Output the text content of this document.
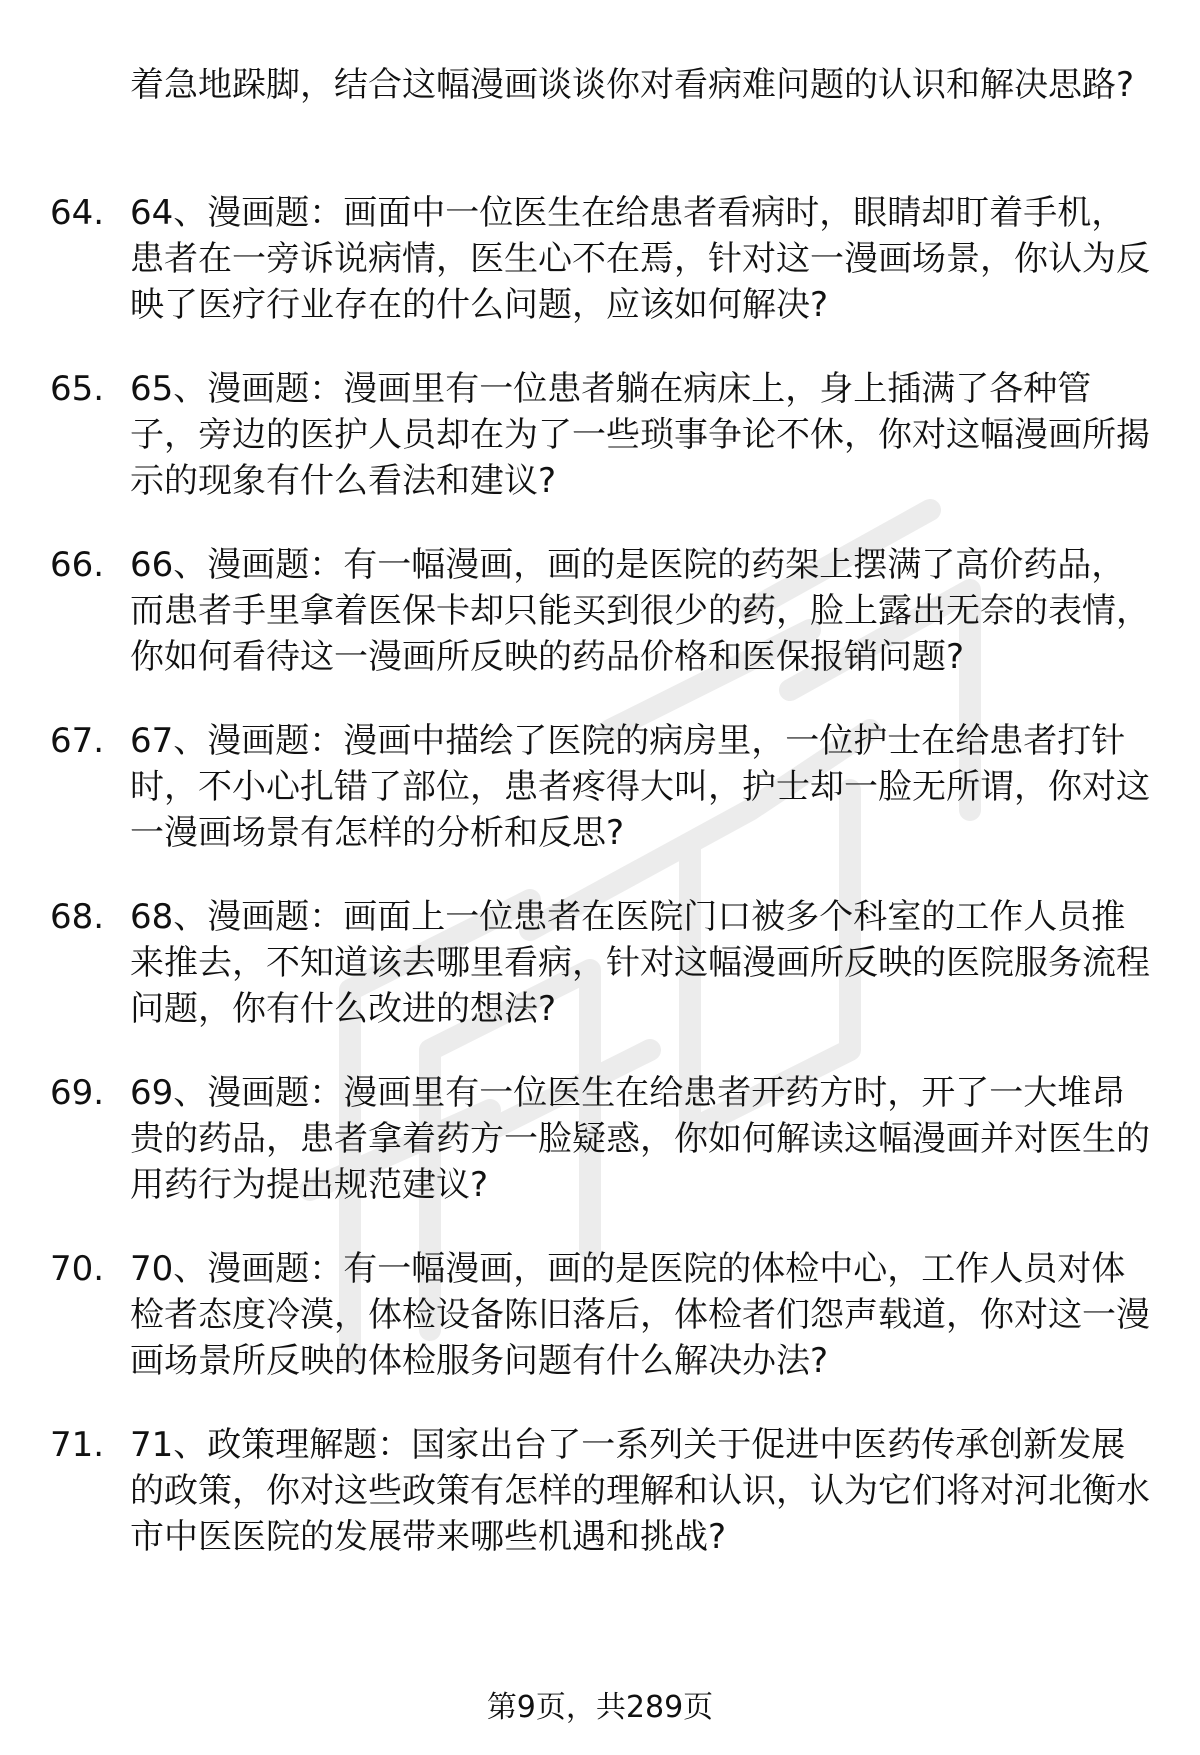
着急地跺脚，结合这幅漫画谈谈你对看病难问题的认识和解决思路?
64. 64、漫画题：画面中一位医生在给患者看病时，眼睛却盯着手机，患者在一旁诉说病情，医生心不在焉，针对这一漫画场景，你认为反映了医疗行业存在的什么问题，应该如何解决?
65. 65、漫画题：漫画里有一位患者躺在病床上，身上插满了各种管子，旁边的医护人员却在为了一些琐事争论不休，你对这幅漫画所揭示的现象有什么看法和建议?
66. 66、漫画题：有一幅漫画，画的是医院的药架上摆满了高价药品，而患者手里拿着医保卡却只能买到很少的药，脸上露出无奈的表情，你如何看待这一漫画所反映的药品价格和医保报销问题?
67. 67、漫画题：漫画中描绘了医院的病房里，一位护士在给患者打针时，不小心扎错了部位，患者疼得大叫，护士却一脸无所谓，你对这一漫画场景有怎样的分析和反思?
68. 68、漫画题：画面上一位患者在医院门口被多个科室的工作人员推来推去，不知道该去哪里看病，针对这幅漫画所反映的医院服务流程问题，你有什么改进的想法?
69. 69、漫画题：漫画里有一位医生在给患者开药方时，开了一大堆昂贵的药品，患者拿着药方一脸疑惑，你如何解读这幅漫画并对医生的用药行为提出规范建议?
70. 70、漫画题：有一幅漫画，画的是医院的体检中心，工作人员对体检者态度冷漠，体检设备陈旧落后，体检者们怨声载道，你对这一漫画场景所反映的体检服务问题有什么解决办法?
71. 71、政策理解题：国家出台了一系列关于促进中医药传承创新发展的政策，你对这些政策有怎样的理解和认识，认为它们将对河北衡水市中医医院的发展带来哪些机遇和挑战?
第9页，共289页
